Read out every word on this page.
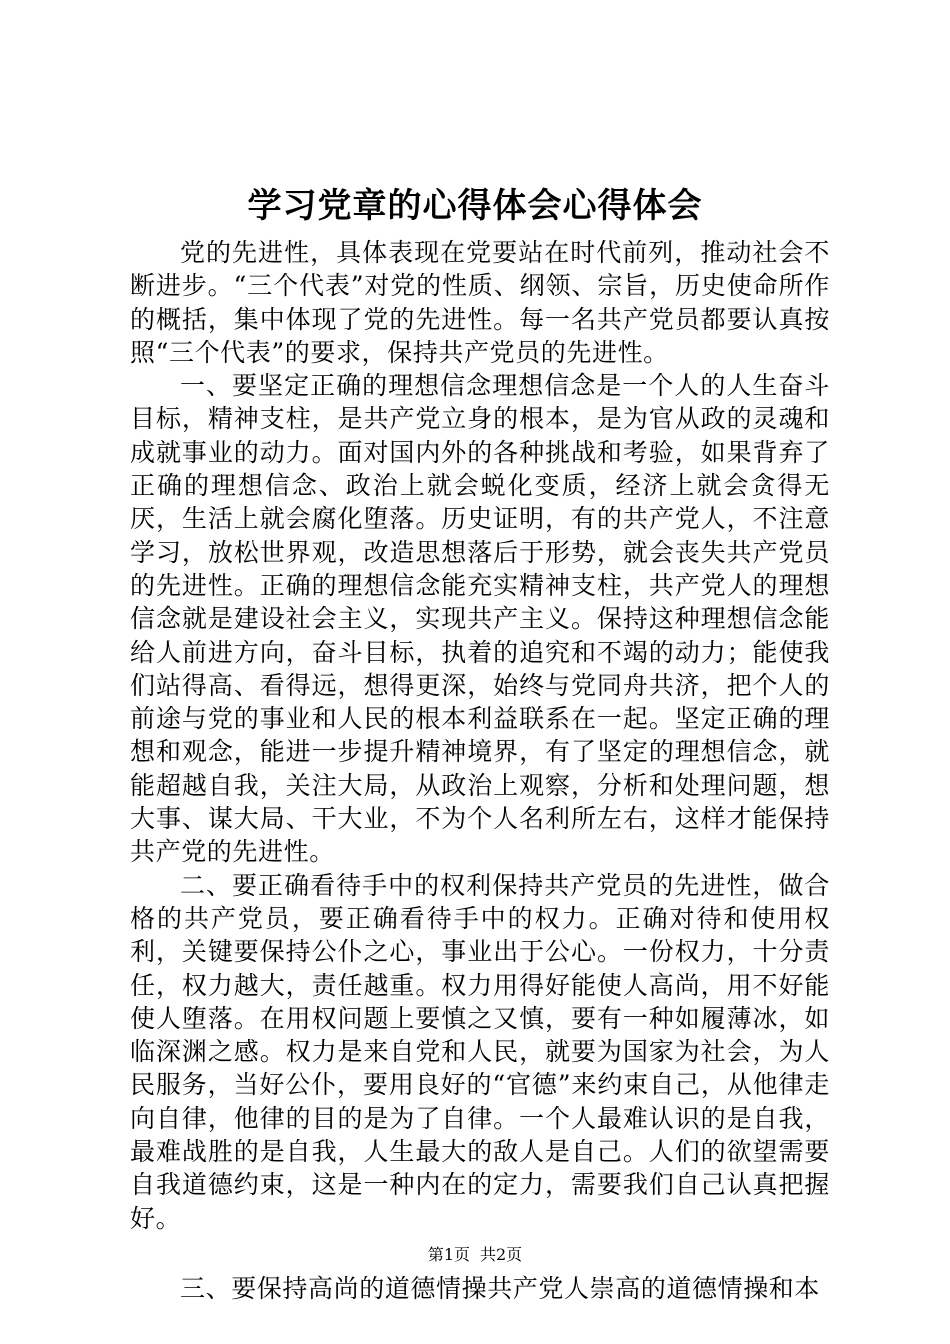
学习党章的心得体会心得体会

党的先进性，具体表现在党要站在时代前列，推动社会不断进步。“三个代表”对党的性质、纲领、宗旨，历史使命所作的概括，集中体现了党的先进性。每一名共产党员都要认真按照“三个代表”的要求，保持共产党员的先进性。

一、要坚定正确的理想信念理想信念是一个人的人生奋斗目标，精神支柱，是共产党立身的根本，是为官从政的灵魂和成就事业的动力。面对国内外的各种挑战和考验，如果背弃了正确的理想信念、政治上就会蜕化变质，经济上就会贪得无厌，生活上就会腐化堕落。历史证明，有的共产党人，不注意学习，放松世界观，改造思想落后于形势，就会丧失共产党员的先进性。正确的理想信念能充实精神支柱，共产党人的理想信念就是建设社会主义，实现共产主义。保持这种理想信念能给人前进方向，奋斗目标，执着的追究和不竭的动力；能使我们站得高、看得远，想得更深，始终与党同舟共济，把个人的前途与党的事业和人民的根本利益联系在一起。坚定正确的理想和观念，能进一步提升精神境界，有了坚定的理想信念，就能超越自我，关注大局，从政治上观察，分析和处理问题，想大事、谋大局、干大业，不为个人名利所左右，这样才能保持共产党的先进性。

二、要正确看待手中的权利保持共产党员的先进性，做合格的共产党员，要正确看待手中的权力。正确对待和使用权利，关键要保持公仆之心，事业出于公心。一份权力，十分责任，权力越大，责任越重。权力用得好能使人高尚，用不好能使人堕落。在用权问题上要慎之又慎，要有一种如履薄冰，如临深渊之感。权力是来自党和人民，就要为国家为社会，为人民服务，当好公仆，要用良好的“官德”来约束自己，从他律走向自律，他律的目的是为了自律。一个人最难认识的是自我，最难战胜的是自我，人生最大的敌人是自己。人们的欲望需要自我道德约束，这是一种内在的定力，需要我们自己认真把握好。

三、要保持高尚的道德情操共产党人崇高的道德情操和本

第1页 共2页
